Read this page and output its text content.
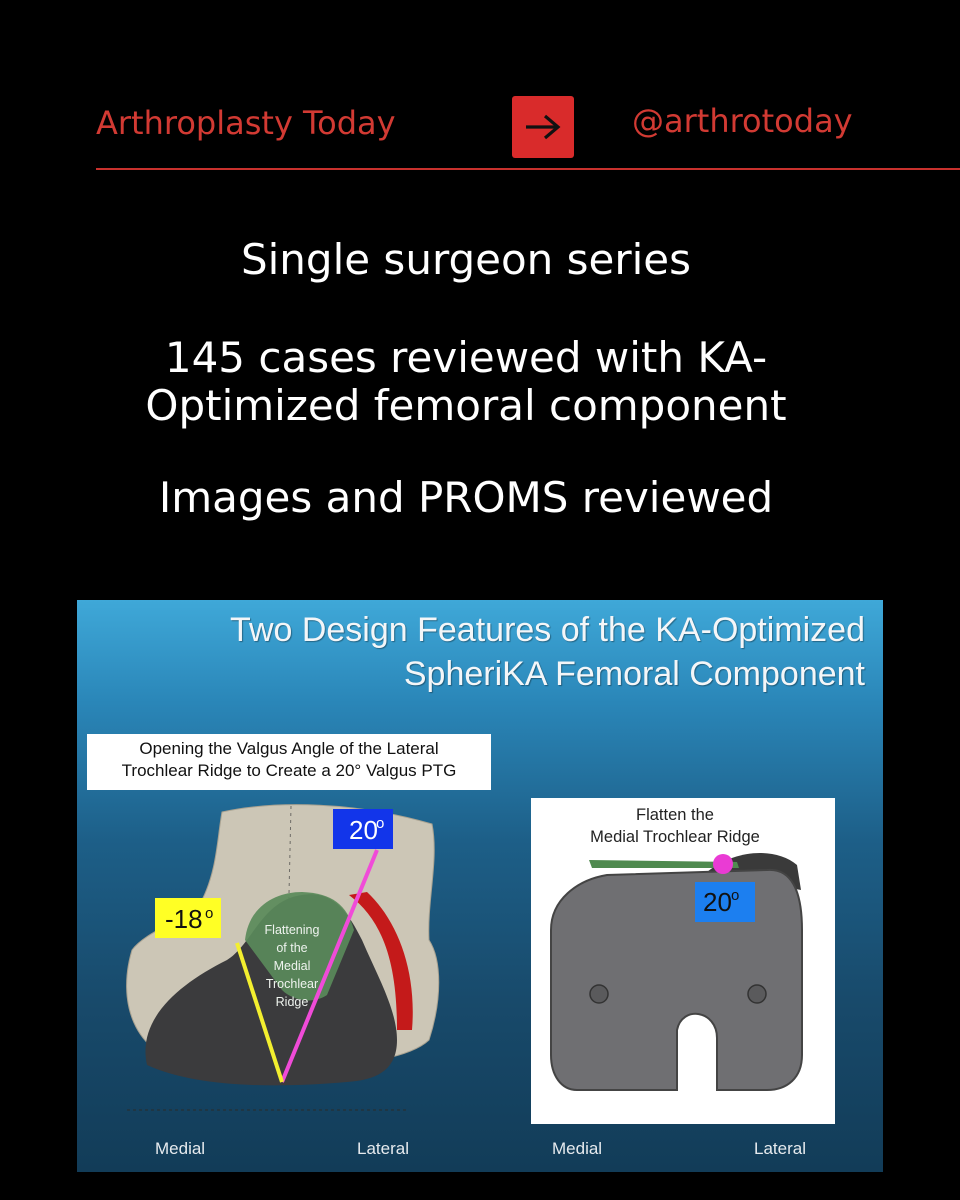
Arthroplasty Today	@arthrotoday

Single surgeon series

145 cases reviewed with KA-

Optimized femoral component

Images and PROMS reviewed

Two Design Features of the KA-Optimized
SpheriKA Femoral Component
Opening the Valgus Angle of the Lateral
Trochlear Ridge to Create a 20° Valgus PTG
20
o
-18 o	20 o
Flattening
of the
Medial
Trochlear
Ridge
Flatten the
Medial Trochlear Ridge
Medial	Lateral	Medial	Lateral
